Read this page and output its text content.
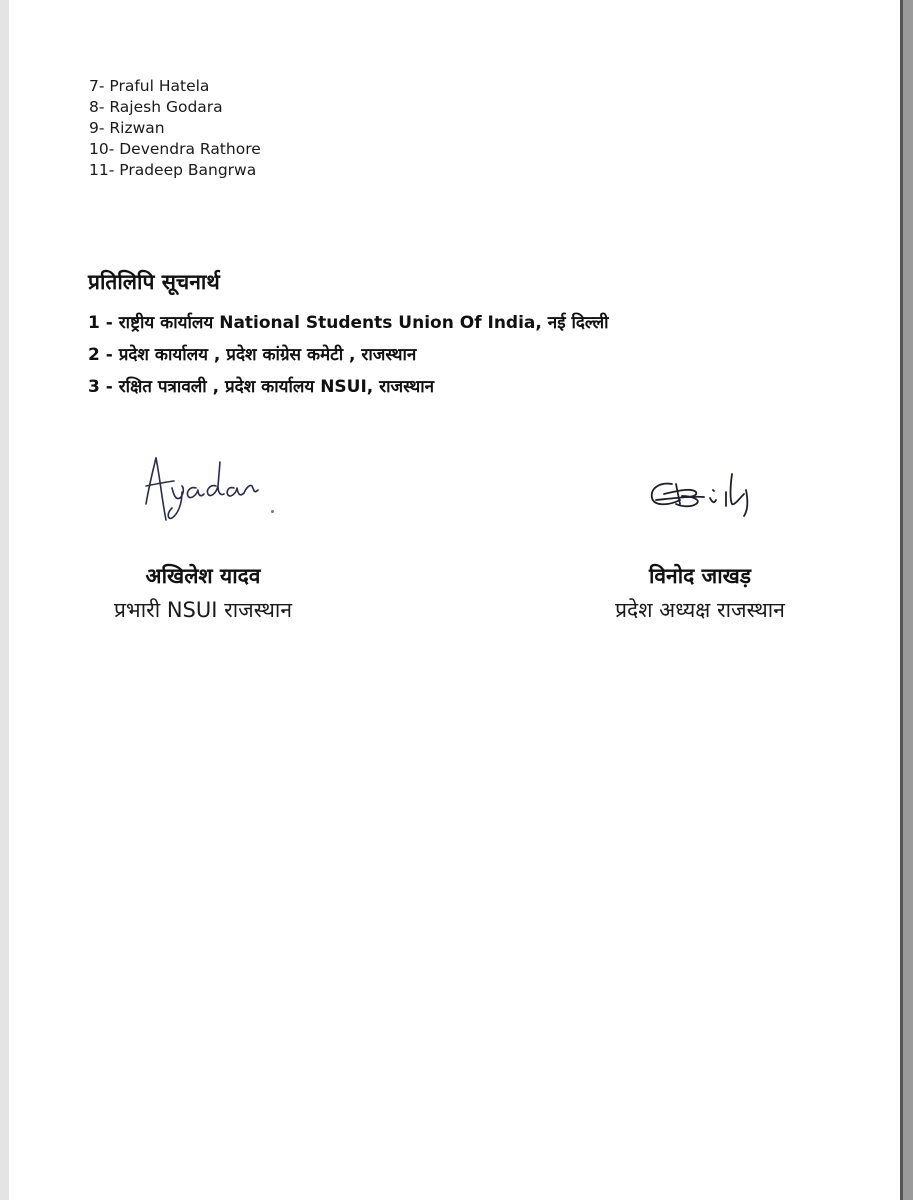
7- Praful Hatela
8- Rajesh Godara
9- Rizwan
10- Devendra Rathore
11- Pradeep Bangrwa
प्रतिलिपि सूचनार्थ
1 - राष्ट्रीय कार्यालय National Students Union Of India, नई दिल्ली
2 - प्रदेश कार्यालय , प्रदेश कांग्रेस कमेटी , राजस्थान
3 - रक्षित पत्रावली , प्रदेश कार्यालय NSUI, राजस्थान
अखिलेश यादव
प्रभारी NSUI राजस्थान
विनोद जाखड़
प्रदेश अध्यक्ष राजस्थान
